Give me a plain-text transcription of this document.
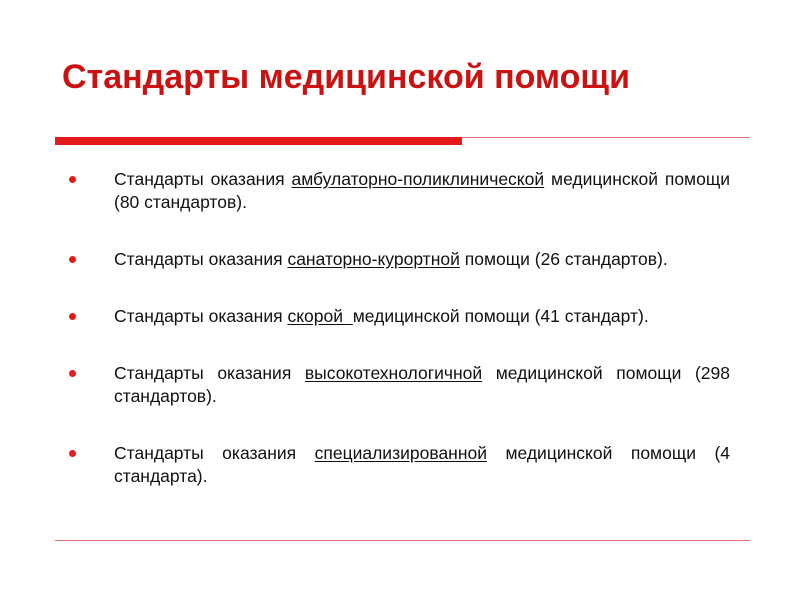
Стандарты медицинской помощи
Стандарты оказания амбулаторно-поликлинической медицинской помощи (80 стандартов).
Стандарты оказания санаторно-курортной помощи (26 стандартов).
Стандарты оказания скорой  медицинской помощи (41 стандарт).
Стандарты оказания высокотехнологичной медицинской помощи (298 стандартов).
Стандарты оказания специализированной медицинской помощи (4 стандарта).
